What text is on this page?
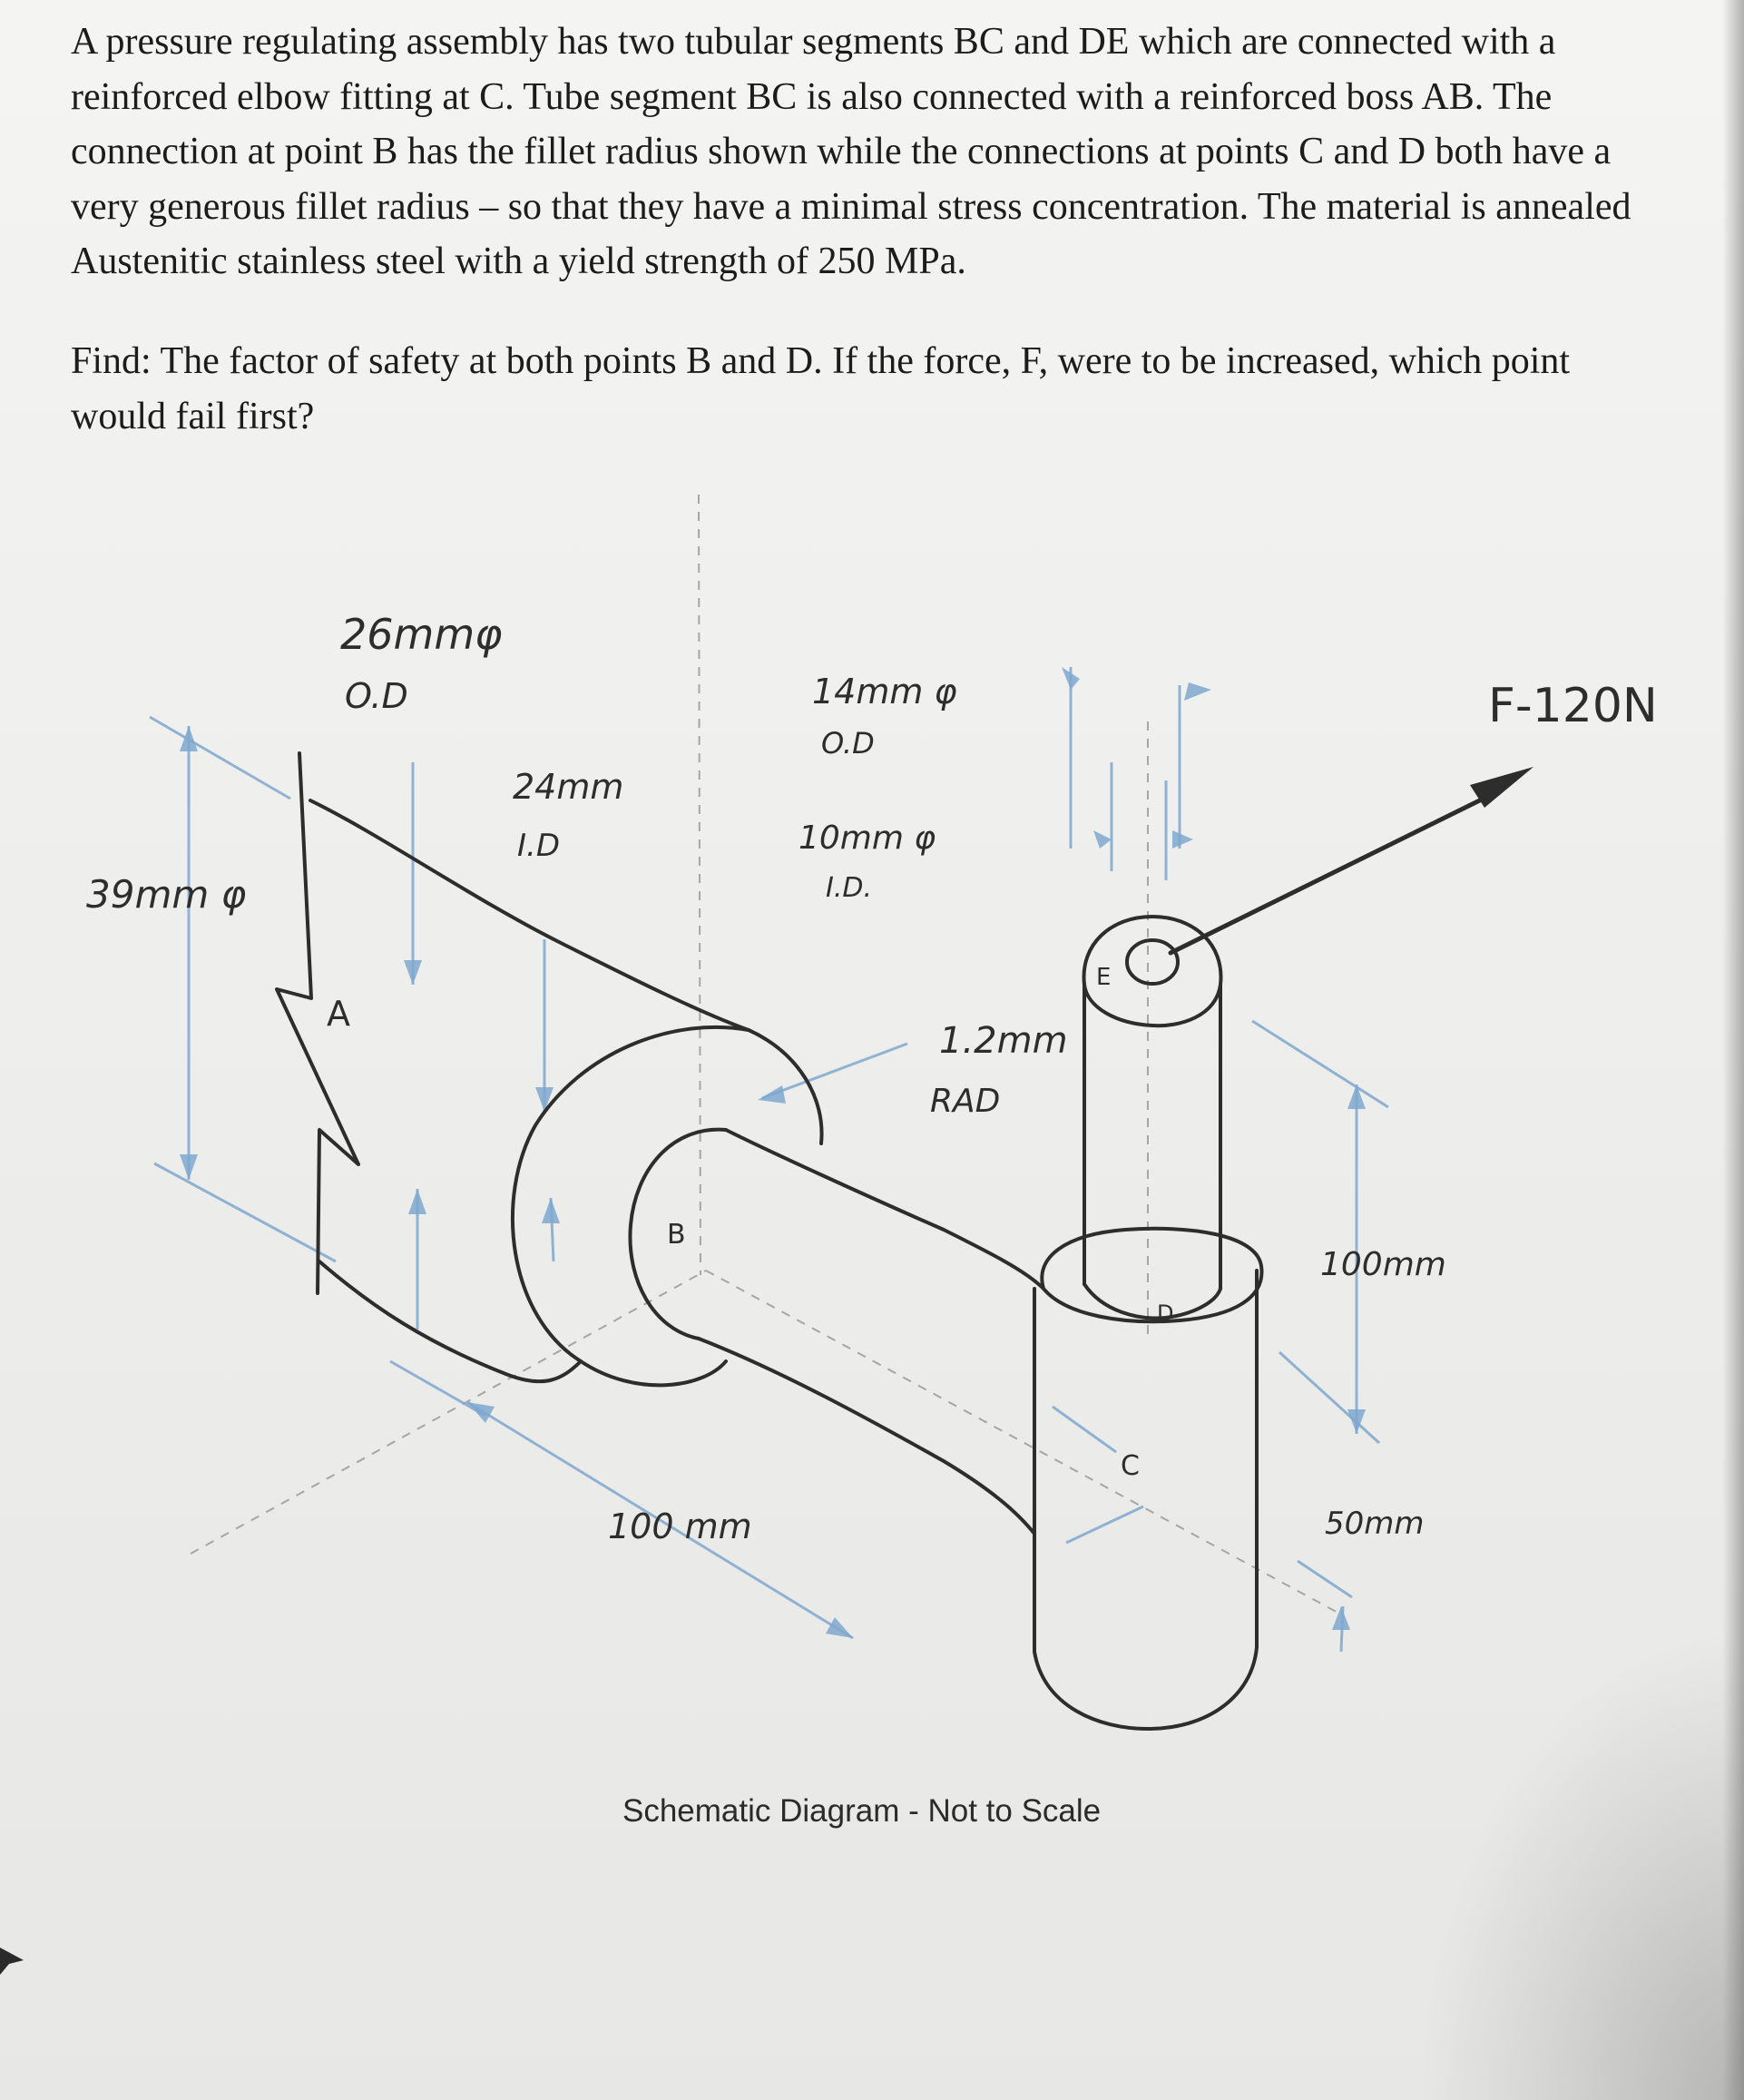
A pressure regulating assembly has two tubular segments BC and DE which are connected with a reinforced elbow fitting at C. Tube segment BC is also connected with a reinforced boss AB. The connection at point B has the fillet radius shown while the connections at points C and D both have a very generous fillet radius – so that they have a minimal stress concentration. The material is annealed Austenitic stainless steel with a yield strength of 250 MPa.

Find: The factor of safety at both points B and D. If the force, F, were to be increased, which point
would fail first?

26mmφ
O.D
24mm
I.D
39mm φ
14mm φ
O.D
10mm φ
I.D.
F-120N
1.2mm
RAD
100 mm
100mm
50mm
A
B
C
D
E

Schematic Diagram - Not to Scale
